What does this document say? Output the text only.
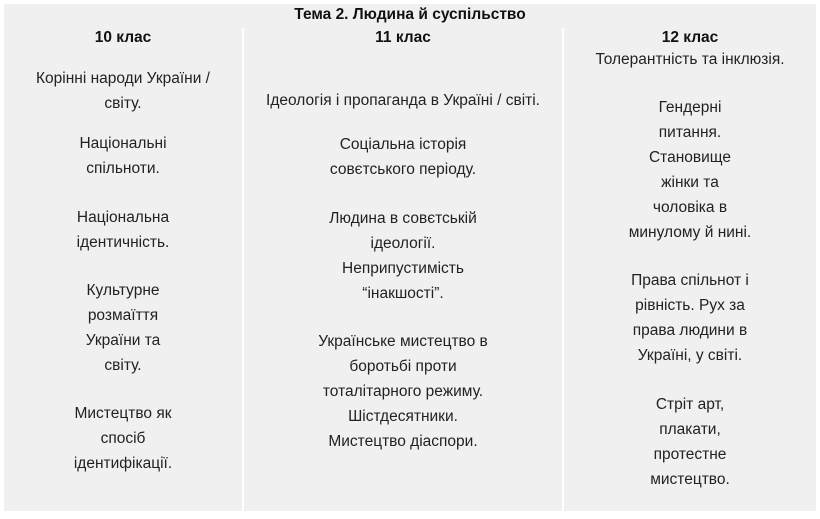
Тема 2. Людина й суспільство
10 клас	11 клас	12 клас
Корінні народи України /
світу.
Національні
спільноти.
Національна
ідентичність.
Культурне
розмаїття
України та
світу.
Мистецтво як
спосіб
ідентифікації.
Ідеологія і пропаганда в Україні / світі.
Соціальна історія
совєтського періоду.
Людина в совєтській
ідеології.
Неприпустимість
“інакшості”.
Українське мистецтво в
боротьбі проти
тоталітарного режиму.
Шістдесятники.
Мистецтво діаспори.
Толерантність та інклюзія.
Гендерні
питання.
Становище
жінки та
чоловіка в
минулому й нині.
Права спільнот і
рівність. Рух за
права людини в
Україні, у світі.
Стріт арт,
плакати,
протестне
мистецтво.
